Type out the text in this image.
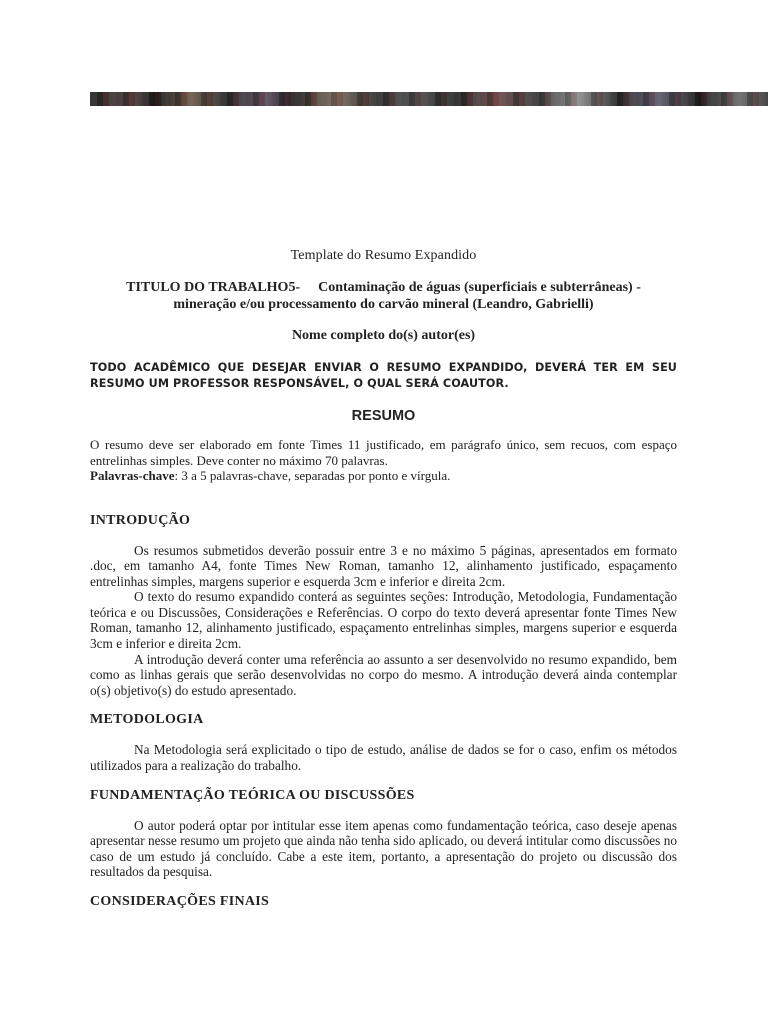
Template do Resumo Expandido
TITULO DO TRABALHO5- Contaminação de águas (superficiais e subterrâneas) - mineração e/ou processamento do carvão mineral (Leandro, Gabrielli)
Nome completo do(s) autor(es)
TODO ACADÊMICO QUE DESEJAR ENVIAR O RESUMO EXPANDIDO, DEVERÁ TER EM SEU RESUMO UM PROFESSOR RESPONSÁVEL, O QUAL SERÁ COAUTOR.
RESUMO
O resumo deve ser elaborado em fonte Times 11 justificado, em parágrafo único, sem recuos, com espaço entrelinhas simples. Deve conter no máximo 70 palavras.
Palavras-chave: 3 a 5 palavras-chave, separadas por ponto e vírgula.
INTRODUÇÃO
Os resumos submetidos deverão possuir entre 3 e no máximo 5 páginas, apresentados em formato .doc, em tamanho A4, fonte Times New Roman, tamanho 12, alinhamento justificado, espaçamento entrelinhas simples, margens superior e esquerda 3cm e inferior e direita 2cm.
O texto do resumo expandido conterá as seguintes seções: Introdução, Metodologia, Fundamentação teórica e ou Discussões, Considerações e Referências. O corpo do texto deverá apresentar fonte Times New Roman, tamanho 12, alinhamento justificado, espaçamento entrelinhas simples, margens superior e esquerda 3cm e inferior e direita 2cm.
A introdução deverá conter uma referência ao assunto a ser desenvolvido no resumo expandido, bem como as linhas gerais que serão desenvolvidas no corpo do mesmo. A introdução deverá ainda contemplar o(s) objetivo(s) do estudo apresentado.
METODOLOGIA
Na Metodologia será explicitado o tipo de estudo, análise de dados se for o caso, enfim os métodos utilizados para a realização do trabalho.
FUNDAMENTAÇÃO TEÓRICA OU DISCUSSÕES
O autor poderá optar por intitular esse item apenas como fundamentação teórica, caso deseje apenas apresentar nesse resumo um projeto que ainda não tenha sido aplicado, ou deverá intitular como discussões no caso de um estudo já concluído. Cabe a este item, portanto, a apresentação do projeto ou discussão dos resultados da pesquisa.
CONSIDERAÇÕES FINAIS
